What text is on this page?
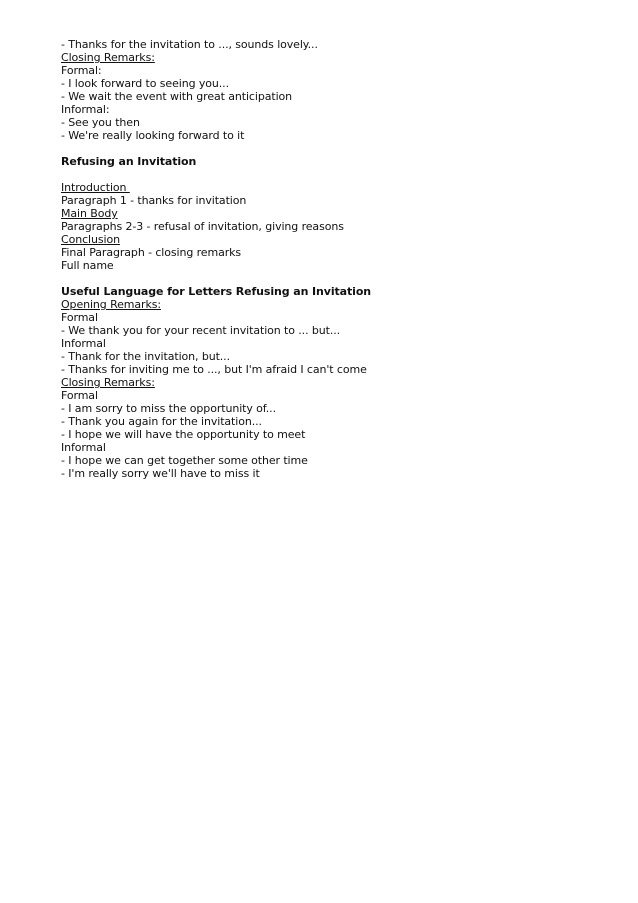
- Thanks for the invitation to ..., sounds lovely...
Closing Remarks:
Formal:
- I look forward to seeing you...
- We wait the event with great anticipation
Informal:
- See you then
- We're really looking forward to it
Refusing an Invitation
Introduction
Paragraph 1 - thanks for invitation
Main Body
Paragraphs 2-3 - refusal of invitation, giving reasons
Conclusion
Final Paragraph - closing remarks
Full name
Useful Language for Letters Refusing an Invitation
Opening Remarks:
Formal
- We thank you for your recent invitation to ... but...
Informal
- Thank for the invitation, but...
- Thanks for inviting me to ..., but I'm afraid I can't come
Closing Remarks:
Formal
- I am sorry to miss the opportunity of...
- Thank you again for the invitation...
- I hope we will have the opportunity to meet
Informal
- I hope we can get together some other time
- I'm really sorry we'll have to miss it
